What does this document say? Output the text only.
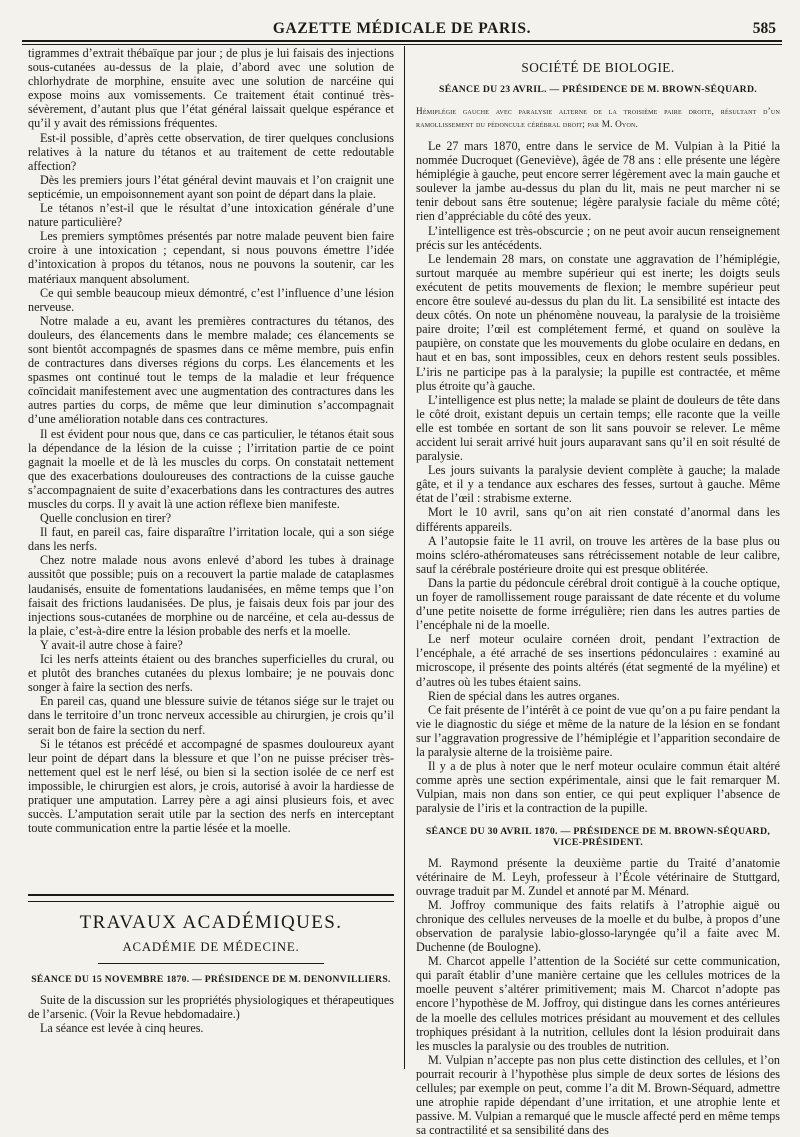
GAZETTE MÉDICALE DE PARIS.	585

tigrammes d’extrait thébaïque par jour ; de plus je lui faisais des injections sous-cutanées au-dessus de la plaie, d’abord avec une solution de chlorhydrate de morphine, ensuite avec une solution de narcéine qui expose moins aux vomissements. Ce traitement était continué très-sévèrement, d’autant plus que l’état général laissait quelque espérance et qu’il y avait des rémissions fréquentes.

Est-il possible, d’après cette observation, de tirer quelques conclusions relatives à la nature du tétanos et au traitement de cette redoutable affection?

Dès les premiers jours l’état général devint mauvais et l’on craignit une septicémie, un empoisonnement ayant son point de départ dans la plaie.

Le tétanos n’est-il que le résultat d’une intoxication générale d’une nature particulière?

Les premiers symptômes présentés par notre malade peuvent bien faire croire à une intoxication ; cependant, si nous pouvons émettre l’idée d’intoxication à propos du tétanos, nous ne pouvons la soutenir, car les matériaux manquent absolument.

Ce qui semble beaucoup mieux démontré, c’est l’influence d’une lésion nerveuse.

Notre malade a eu, avant les premières contractures du tétanos, des douleurs, des élancements dans le membre malade; ces élancements se sont bientôt accompagnés de spasmes dans ce même membre, puis enfin de contractures dans diverses régions du corps. Les élancements et les spasmes ont continué tout le temps de la maladie et leur fréquence coïncidait manifestement avec une augmentation des contractures dans les autres parties du corps, de même que leur diminution s’accompagnait d’une amélioration notable dans ces contractures.

Il est évident pour nous que, dans ce cas particulier, le tétanos était sous la dépendance de la lésion de la cuisse ; l’irritation partie de ce point gagnait la moelle et de là les muscles du corps. On constatait nettement que des exacerbations douloureuses des contractions de la cuisse gauche s’accompagnaient de suite d’exacerbations dans les contractures des autres muscles du corps. Il y avait là une action réflexe bien manifeste.

Quelle conclusion en tirer?

Il faut, en pareil cas, faire disparaître l’irritation locale, qui a son siége dans les nerfs.

Chez notre malade nous avons enlevé d’abord les tubes à drainage aussitôt que possible; puis on a recouvert la partie malade de cataplasmes laudanisés, ensuite de fomentations laudanisées, en même temps que l’on faisait des frictions laudanisées. De plus, je faisais deux fois par jour des injections sous-cutanées de morphine ou de narcéine, et cela au-dessus de la plaie, c’est-à-dire entre la lésion probable des nerfs et la moelle.

Y avait-il autre chose à faire?

Ici les nerfs atteints étaient ou des branches superficielles du crural, ou et plutôt des branches cutanées du plexus lombaire; je ne pouvais donc songer à faire la section des nerfs.

En pareil cas, quand une blessure suivie de tétanos siége sur le trajet ou dans le territoire d’un tronc nerveux accessible au chirurgien, je crois qu’il serait bon de faire la section du nerf.

Si le tétanos est précédé et accompagné de spasmes douloureux ayant leur point de départ dans la blessure et que l’on ne puisse préciser très-nettement quel est le nerf lésé, ou bien si la section isolée de ce nerf est impossible, le chirurgien est alors, je crois, autorisé à avoir la hardiesse de pratiquer une amputation. Larrey père a agi ainsi plusieurs fois, et avec succès. L’amputation serait utile par la section des nerfs en interceptant toute communication entre la partie lésée et la moelle.

TRAVAUX ACADÉMIQUES.
ACADÉMIE DE MÉDECINE.
SÉANCE DU 15 NOVEMBRE 1870. — PRÉSIDENCE DE M. DENONVILLIERS.

Suite de la discussion sur les propriétés physiologiques et thérapeutiques de l’arsenic. (Voir la Revue hebdomadaire.)

La séance est levée à cinq heures.

SOCIÉTÉ DE BIOLOGIE.
SÉANCE DU 23 AVRIL. — PRÉSIDENCE DE M. BROWN-SÉQUARD.
Hémiplégie gauche avec paralysie alterne de la troisième paire droite, résultant d’un ramollissement du pédoncule cérébral droit; par M. Oyon.

Le 27 mars 1870, entre dans le service de M. Vulpian à la Pitié la nommée Ducroquet (Geneviève), âgée de 78 ans : elle présente une légère hémiplégie à gauche, peut encore serrer légèrement avec la main gauche et soulever la jambe au-dessus du plan du lit, mais ne peut marcher ni se tenir debout sans être soutenue; légère paralysie faciale du même côté; rien d’appréciable du côté des yeux.

L’intelligence est très-obscurcie ; on ne peut avoir aucun renseignement précis sur les antécédents.

Le lendemain 28 mars, on constate une aggravation de l’hémiplégie, surtout marquée au membre supérieur qui est inerte; les doigts seuls exécutent de petits mouvements de flexion; le membre supérieur peut encore être soulevé au-dessus du plan du lit. La sensibilité est intacte des deux côtés. On note un phénomène nouveau, la paralysie de la troisième paire droite; l’œil est complétement fermé, et quand on soulève la paupière, on constate que les mouvements du globe oculaire en dedans, en haut et en bas, sont impossibles, ceux en dehors restent seuls possibles. L’iris ne participe pas à la paralysie; la pupille est contractée, et même plus étroite qu’à gauche.

L’intelligence est plus nette; la malade se plaint de douleurs de tête dans le côté droit, existant depuis un certain temps; elle raconte que la veille elle est tombée en sortant de son lit sans pouvoir se relever. Le même accident lui serait arrivé huit jours auparavant sans qu’il en soit résulté de paralysie.

Les jours suivants la paralysie devient complète à gauche; la malade gâte, et il y a tendance aux eschares des fesses, surtout à gauche. Même état de l’œil : strabisme externe.

Mort le 10 avril, sans qu’on ait rien constaté d’anormal dans les différents appareils.

A l’autopsie faite le 11 avril, on trouve les artères de la base plus ou moins scléro-athéromateuses sans rétrécissement notable de leur calibre, sauf la cérébrale postérieure droite qui est presque oblitérée.

Dans la partie du pédoncule cérébral droit contiguë à la couche optique, un foyer de ramollissement rouge paraissant de date récente et du volume d’une petite noisette de forme irrégulière; rien dans les autres parties de l’encéphale ni de la moelle.

Le nerf moteur oculaire cornéen droit, pendant l’extraction de l’encéphale, a été arraché de ses insertions pédonculaires : examiné au microscope, il présente des points altérés (état segmenté de la myéline) et d’autres où les tubes étaient sains.

Rien de spécial dans les autres organes.

Ce fait présente de l’intérêt à ce point de vue qu’on a pu faire pendant la vie le diagnostic du siége et même de la nature de la lésion en se fondant sur l’aggravation progressive de l’hémiplégie et l’apparition secondaire de la paralysie alterne de la troisième paire.

Il y a de plus à noter que le nerf moteur oculaire commun était altéré comme après une section expérimentale, ainsi que le fait remarquer M. Vulpian, mais non dans son entier, ce qui peut expliquer l’absence de paralysie de l’iris et la contraction de la pupille.

SÉANCE DU 30 AVRIL 1870. — PRÉSIDENCE DE M. BROWN-SÉQUARD, VICE-PRÉSIDENT.

M. Raymond présente la deuxième partie du Traité d’anatomie vétérinaire de M. Leyh, professeur à l’École vétérinaire de Stuttgard, ouvrage traduit par M. Zundel et annoté par M. Ménard.

M. Joffroy communique des faits relatifs à l’atrophie aiguë ou chronique des cellules nerveuses de la moelle et du bulbe, à propos d’une observation de paralysie labio-glosso-laryngée qu’il a faite avec M. Duchenne (de Boulogne).

M. Charcot appelle l’attention de la Société sur cette communication, qui paraît établir d’une manière certaine que les cellules motrices de la moelle peuvent s’altérer primitivement; mais M. Charcot n’adopte pas encore l’hypothèse de M. Joffroy, qui distingue dans les cornes antérieures de la moelle des cellules motrices présidant au mouvement et des cellules trophiques présidant à la nutrition, cellules dont la lésion produirait dans les muscles la paralysie ou des troubles de nutrition.

M. Vulpian n’accepte pas non plus cette distinction des cellules, et l’on pourrait recourir à l’hypothèse plus simple de deux sortes de lésions des cellules; par exemple on peut, comme l’a dit M. Brown-Séquard, admettre une atrophie rapide dépendant d’une irritation, et une atrophie lente et passive. M. Vulpian a remarqué que le muscle affecté perd en même temps sa contractilité et sa sensibilité dans des
